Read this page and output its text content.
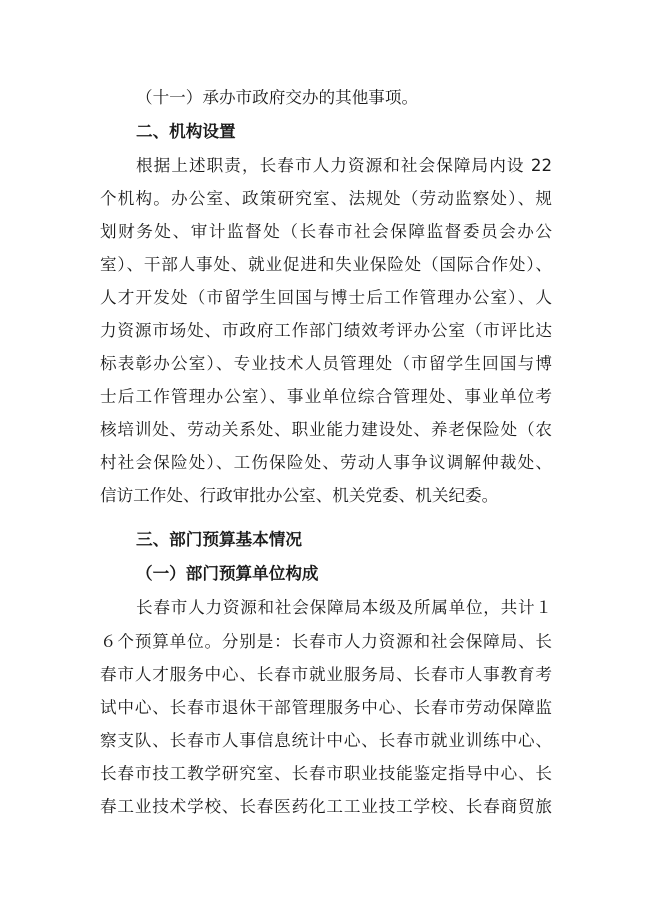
（十一）承办市政府交办的其他事项。

二、机构设置

根据上述职责，长春市人力资源和社会保障局内设 22

个机构。办公室、政策研究室、法规处（劳动监察处）、规

划财务处、审计监督处（长春市社会保障监督委员会办公

室）、干部人事处、就业促进和失业保险处（国际合作处）、

人才开发处（市留学生回国与博士后工作管理办公室）、人

力资源市场处、市政府工作部门绩效考评办公室（市评比达

标表彰办公室）、专业技术人员管理处（市留学生回国与博

士后工作管理办公室）、事业单位综合管理处、事业单位考

核培训处、劳动关系处、职业能力建设处、养老保险处（农

村社会保险处）、工伤保险处、劳动人事争议调解仲裁处、

信访工作处、行政审批办公室、机关党委、机关纪委。

三、部门预算基本情况

（一）部门预算单位构成

长春市人力资源和社会保障局本级及所属单位，共计１

６个预算单位。分别是：长春市人力资源和社会保障局、长

春市人才服务中心、长春市就业服务局、长春市人事教育考

试中心、长春市退休干部管理服务中心、长春市劳动保障监

察支队、长春市人事信息统计中心、长春市就业训练中心、

长春市技工教学研究室、长春市职业技能鉴定指导中心、长

春工业技术学校、长春医药化工工业技工学校、长春商贸旅
